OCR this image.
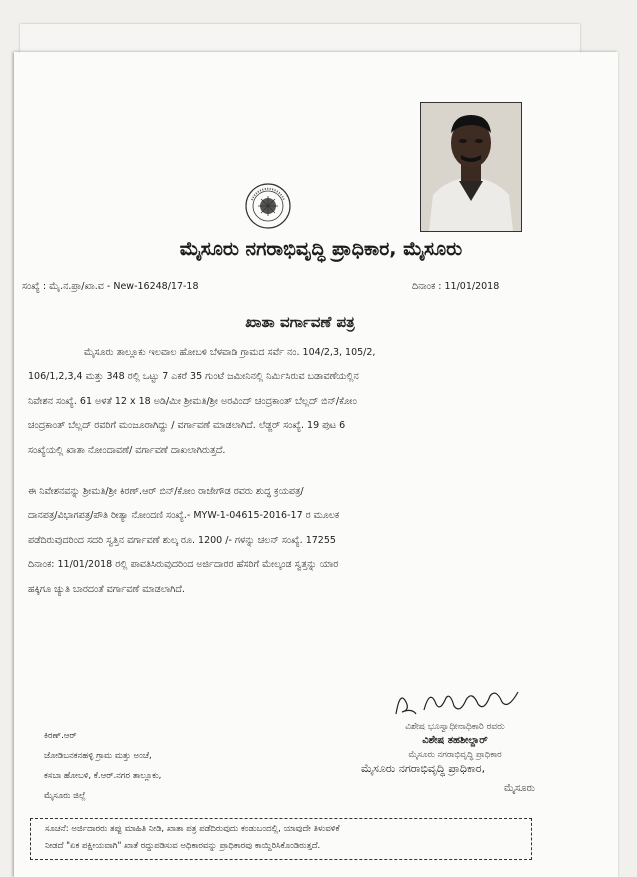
ಮೈಸೂರು ನಗರಾಭಿವೃದ್ಧಿ ಪ್ರಾಧಿಕಾರ, ಮೈಸೂರು
ಸಂಖ್ಯೆ : ಮೈ.ನ.ಪ್ರಾ/ಖಾ.ವ - New-16248/17-18	ದಿನಾಂಕ : 11/01/2018
ಖಾತಾ ವರ್ಗಾವಣೆ ಪತ್ರ

ಮೈಸೂರು ತಾಲ್ಲೂಕು ಇಲವಾಲ ಹೋಬಳಿ ಬೆಳವಾಡಿ ಗ್ರಾಮದ ಸರ್ವೆ ನಂ. 104/2,3, 105/2,
106/1,2,3,4 ಮತ್ತು 348 ರಲ್ಲಿ ಒಟ್ಟು 7 ಎಕರೆ 35 ಗುಂಟೆ ಜಮೀನಿನಲ್ಲಿ ನಿರ್ಮಿಸಿರುವ ಬಡಾವಣೆಯಲ್ಲಿನ
ನಿವೇಶನ ಸಂಖ್ಯೆ. 61 ಅಳತೆ 12 x 18 ಅಡಿ/ಮೀ ಶ್ರೀಮತಿ/ಶ್ರೀ ಅರವಿಂದ್ ಚಂದ್ರಕಾಂತ್ ಬೆಲ್ಲದ್ ಬಿನ್/ಕೋಂ
ಚಂದ್ರಕಾಂತ್ ಬೆಲ್ಲದ್ ರವರಿಗೆ ಮಂಜೂರಾಗಿದ್ದು / ವರ್ಗಾವಣೆ ಮಾಡಲಾಗಿದೆ. ಲೆಡ್ಜರ್ ಸಂಖ್ಯೆ. 19 ಪುಟ 6
ಸಂಖ್ಯೆಯಲ್ಲಿ ಖಾತಾ ನೋಂದಾವಣೆ/ ವರ್ಗಾವಣೆ ದಾಖಲಾಗಿರುತ್ತದೆ.

ಈ ನಿವೇಶನವನ್ನು ಶ್ರೀಮತಿ/ಶ್ರೀ ಕಿರಣ್.ಆರ್ ಬಿನ್/ಕೋಂ ರಾಜೇಗೌಡ ರವರು ಶುದ್ಧ ಕ್ರಯಪತ್ರ/
ದಾನಪತ್ರ/ವಿಭಾಗಪತ್ರ/ಪೌತಿ ರೀತ್ಯಾ ನೋಂದಣಿ ಸಂಖ್ಯೆ.- MYW-1-04615-2016-17 ರ ಮೂಲಕ
ಪಡೆದಿರುವುದರಿಂದ ಸದರಿ ಸ್ವತ್ತಿನ ವರ್ಗಾವಣೆ ಶುಲ್ಕ ರೂ. 1200 /- ಗಳನ್ನು ಚಲನ್ ಸಂಖ್ಯೆ. 17255
ದಿನಾಂಕ: 11/01/2018 ರಲ್ಲಿ ಪಾವತಿಸಿರುವುದರಿಂದ ಅರ್ಜಿದಾರರ ಹೆಸರಿಗೆ ಮೇಲ್ಕಂಡ ಸ್ವತ್ತನ್ನು ಯಾರ
ಹಕ್ಕಿಗೂ ಚ್ಯುತಿ ಬಾರದಂತೆ ವರ್ಗಾವಣೆ ಮಾಡಲಾಗಿದೆ.

ವಿಶೇಷ ಭೂಸ್ವಾಧೀನಾಧಿಕಾರಿ ರವರು
ವಿಶೇಷ ತಹಶೀಲ್ದಾರ್
ಮೈಸೂರು ನಗರಾಭಿವೃದ್ಧಿ ಪ್ರಾಧಿಕಾರ
ಮೈಸೂರು ನಗರಾಭಿವೃದ್ಧಿ ಪ್ರಾಧಿಕಾರ,
ಮೈಸೂರು
ಕಿರಣ್.ಆರ್
ಜೋಡಿಬನಕನಹಳ್ಳಿ ಗ್ರಾಮ ಮತ್ತು ಅಂಚೆ,
ಕಸಬಾ ಹೋಬಳಿ, ಕೆ.ಆರ್.ನಗರ ತಾಲ್ಲೂಕು,
ಮೈಸೂರು ಜಿಲ್ಲೆ
ಸೂಚನೆ: ಅರ್ಜಿದಾರರು ತಪ್ಪು ಮಾಹಿತಿ ನೀಡಿ, ಖಾತಾ ಪತ್ರ ಪಡೆದಿರುವುದು ಕಂಡುಬಂದಲ್ಲಿ, ಯಾವುದೇ ತಿಳುವಳಿಕೆ
ನೀಡದೆ "ಏಕ ಪಕ್ಷೀಯವಾಗಿ" ಖಾತೆ ರದ್ದುಪಡಿಸುವ ಅಧಿಕಾರವನ್ನು ಪ್ರಾಧಿಕಾರವು ಕಾಯ್ದಿರಿಸಿಕೊಂಡಿರುತ್ತದೆ.
